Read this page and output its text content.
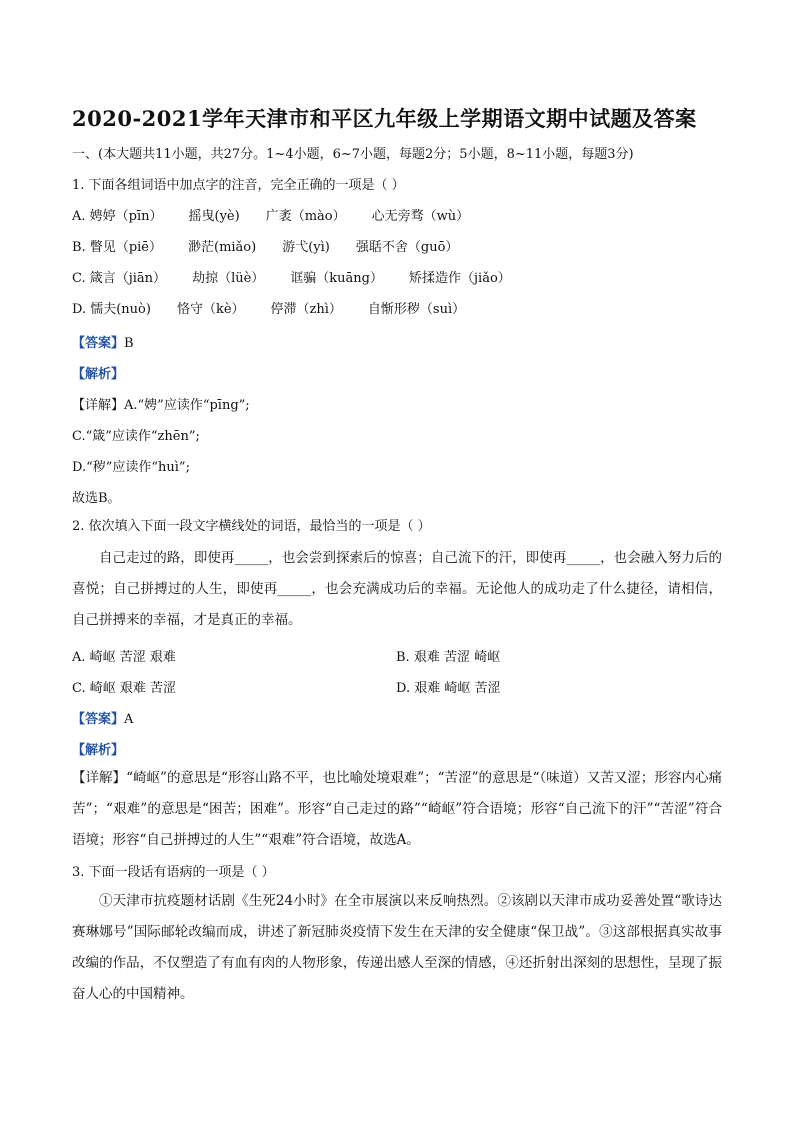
2020-2021学年天津市和平区九年级上学期语文期中试题及答案
一、(本大题共11小题，共27分。1~4小题，6~7小题，每题2分；5小题，8~11小题，每题3分)
1. 下面各组词语中加点字的注音，完全正确的一项是（ ）
A. 娉婷（pīn） 摇曳(yè) 广袤（mào） 心无旁骛（wù）
B. 瞥见（piē） 渺茫(miǎo) 游弋(yì) 强聒不舍（guō）
C. 箴言（jiān） 劫掠（lüè） 诓骗（kuāng） 矫揉造作（jiǎo）
D. 懦夫(nuò) 恪守（kè） 停滞（zhì） 自惭形秽（suì）
【答案】B
【解析】
【详解】A.“娉”应读作“pīng”;
C.“箴”应读作“zhēn”;
D.“秽”应读作“huì”;
故选B。
2. 依次填入下面一段文字横线处的词语，最恰当的一项是（ ）
自己走过的路，即使再_____，也会尝到探索后的惊喜；自己流下的汗，即使再_____，也会融入努力后的喜悦；自己拼搏过的人生，即使再_____，也会充满成功后的幸福。无论他人的成功走了什么捷径，请相信，自己拼搏来的幸福，才是真正的幸福。
A. 崎岖 苦涩 艰难	B. 艰难 苦涩 崎岖
C. 崎岖 艰难 苦涩	D. 艰难 崎岖 苦涩
【答案】A
【解析】
【详解】“崎岖”的意思是“形容山路不平，也比喻处境艰难”；“苦涩”的意思是“（味道）又苦又涩；形容内心痛苦”；“艰难”的意思是“困苦；困难”。形容“自己走过的路”“崎岖”符合语境；形容“自己流下的汗”“苦涩”符合语境；形容“自己拼搏过的人生”“艰难”符合语境，故选A。
3. 下面一段话有语病的一项是（ ）
①天津市抗疫题材话剧《生死24小时》在全市展演以来反响热烈。②该剧以天津市成功妥善处置“歌诗达赛琳娜号”国际邮轮改编而成，讲述了新冠肺炎疫情下发生在天津的安全健康“保卫战”。③这部根据真实故事改编的作品，不仅塑造了有血有肉的人物形象，传递出感人至深的情感，④还折射出深刻的思想性，呈现了振奋人心的中国精神。
